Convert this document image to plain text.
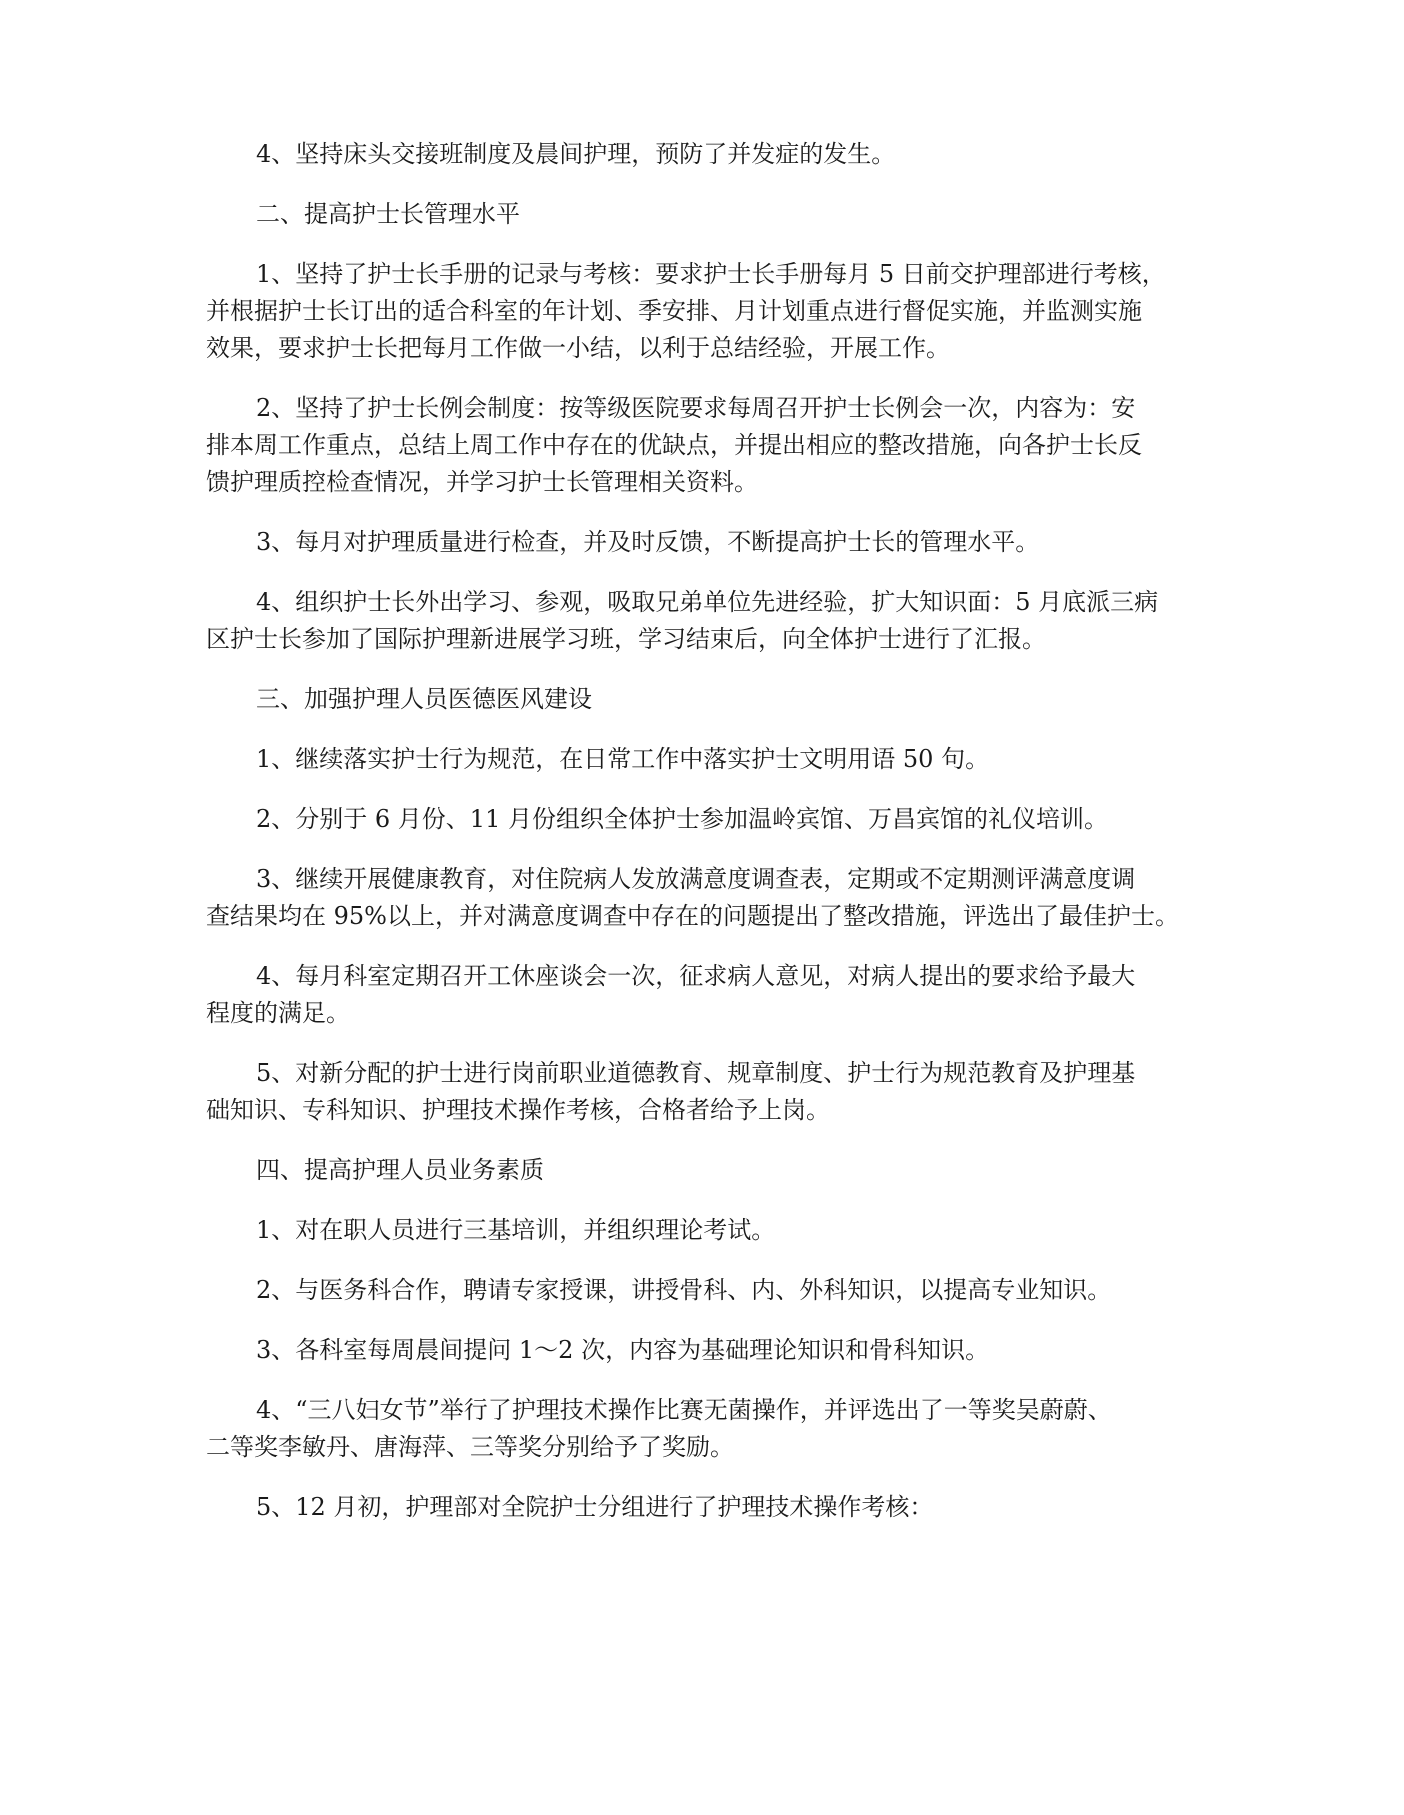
4、坚持床头交接班制度及晨间护理，预防了并发症的发生。
二、提高护士长管理水平
1、坚持了护士长手册的记录与考核：要求护士长手册每月 5 日前交护理部进行考核，
并根据护士长订出的适合科室的年计划、季安排、月计划重点进行督促实施，并监测实施
效果，要求护士长把每月工作做一小结，以利于总结经验，开展工作。
2、坚持了护士长例会制度：按等级医院要求每周召开护士长例会一次，内容为：安
排本周工作重点，总结上周工作中存在的优缺点，并提出相应的整改措施，向各护士长反
馈护理质控检查情况，并学习护士长管理相关资料。
3、每月对护理质量进行检查，并及时反馈，不断提高护士长的管理水平。
4、组织护士长外出学习、参观，吸取兄弟单位先进经验，扩大知识面：5 月底派三病
区护士长参加了国际护理新进展学习班，学习结束后，向全体护士进行了汇报。
三、加强护理人员医德医风建设
1、继续落实护士行为规范，在日常工作中落实护士文明用语 50 句。
2、分别于 6 月份、11 月份组织全体护士参加温岭宾馆、万昌宾馆的礼仪培训。
3、继续开展健康教育，对住院病人发放满意度调查表，定期或不定期测评满意度调
查结果均在 95%以上，并对满意度调查中存在的问题提出了整改措施，评选出了最佳护士。
4、每月科室定期召开工休座谈会一次，征求病人意见，对病人提出的要求给予最大
程度的满足。
5、对新分配的护士进行岗前职业道德教育、规章制度、护士行为规范教育及护理基
础知识、专科知识、护理技术操作考核，合格者给予上岗。
四、提高护理人员业务素质
1、对在职人员进行三基培训，并组织理论考试。
2、与医务科合作，聘请专家授课，讲授骨科、内、外科知识，以提高专业知识。
3、各科室每周晨间提问 1～2 次，内容为基础理论知识和骨科知识。
4、“三八妇女节”举行了护理技术操作比赛无菌操作，并评选出了一等奖吴蔚蔚、
二等奖李敏丹、唐海萍、三等奖分别给予了奖励。
5、12 月初，护理部对全院护士分组进行了护理技术操作考核：
